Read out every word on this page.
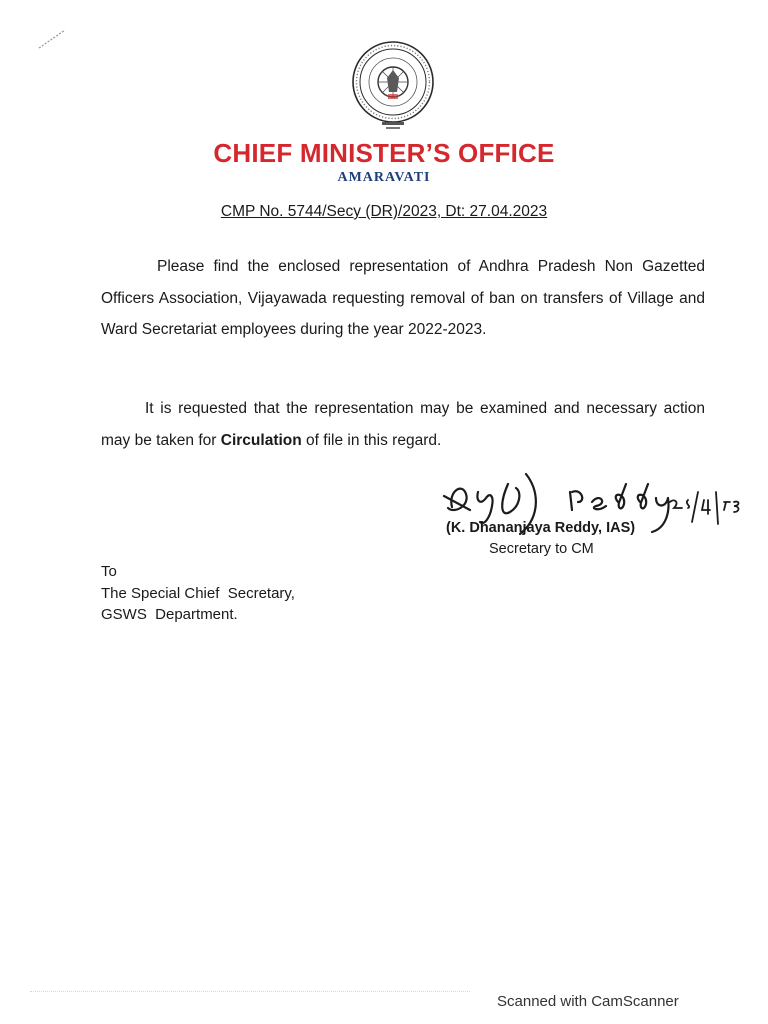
CHIEF MINISTER’S OFFICE
AMARAVATI
CMP No. 5744/Secy (DR)/2023, Dt: 27.04.2023
Please find the enclosed representation of Andhra Pradesh Non Gazetted Officers Association, Vijayawada requesting removal of ban on transfers of Village and Ward Secretariat employees during the year 2022-2023.
It is requested that the representation may be examined and necessary action may be taken for Circulation of file in this regard.
(K. Dhananjaya Reddy, IAS)
Secretary to CM
To
The Special Chief  Secretary,
GSWS  Department.
Scanned with CamScanner
